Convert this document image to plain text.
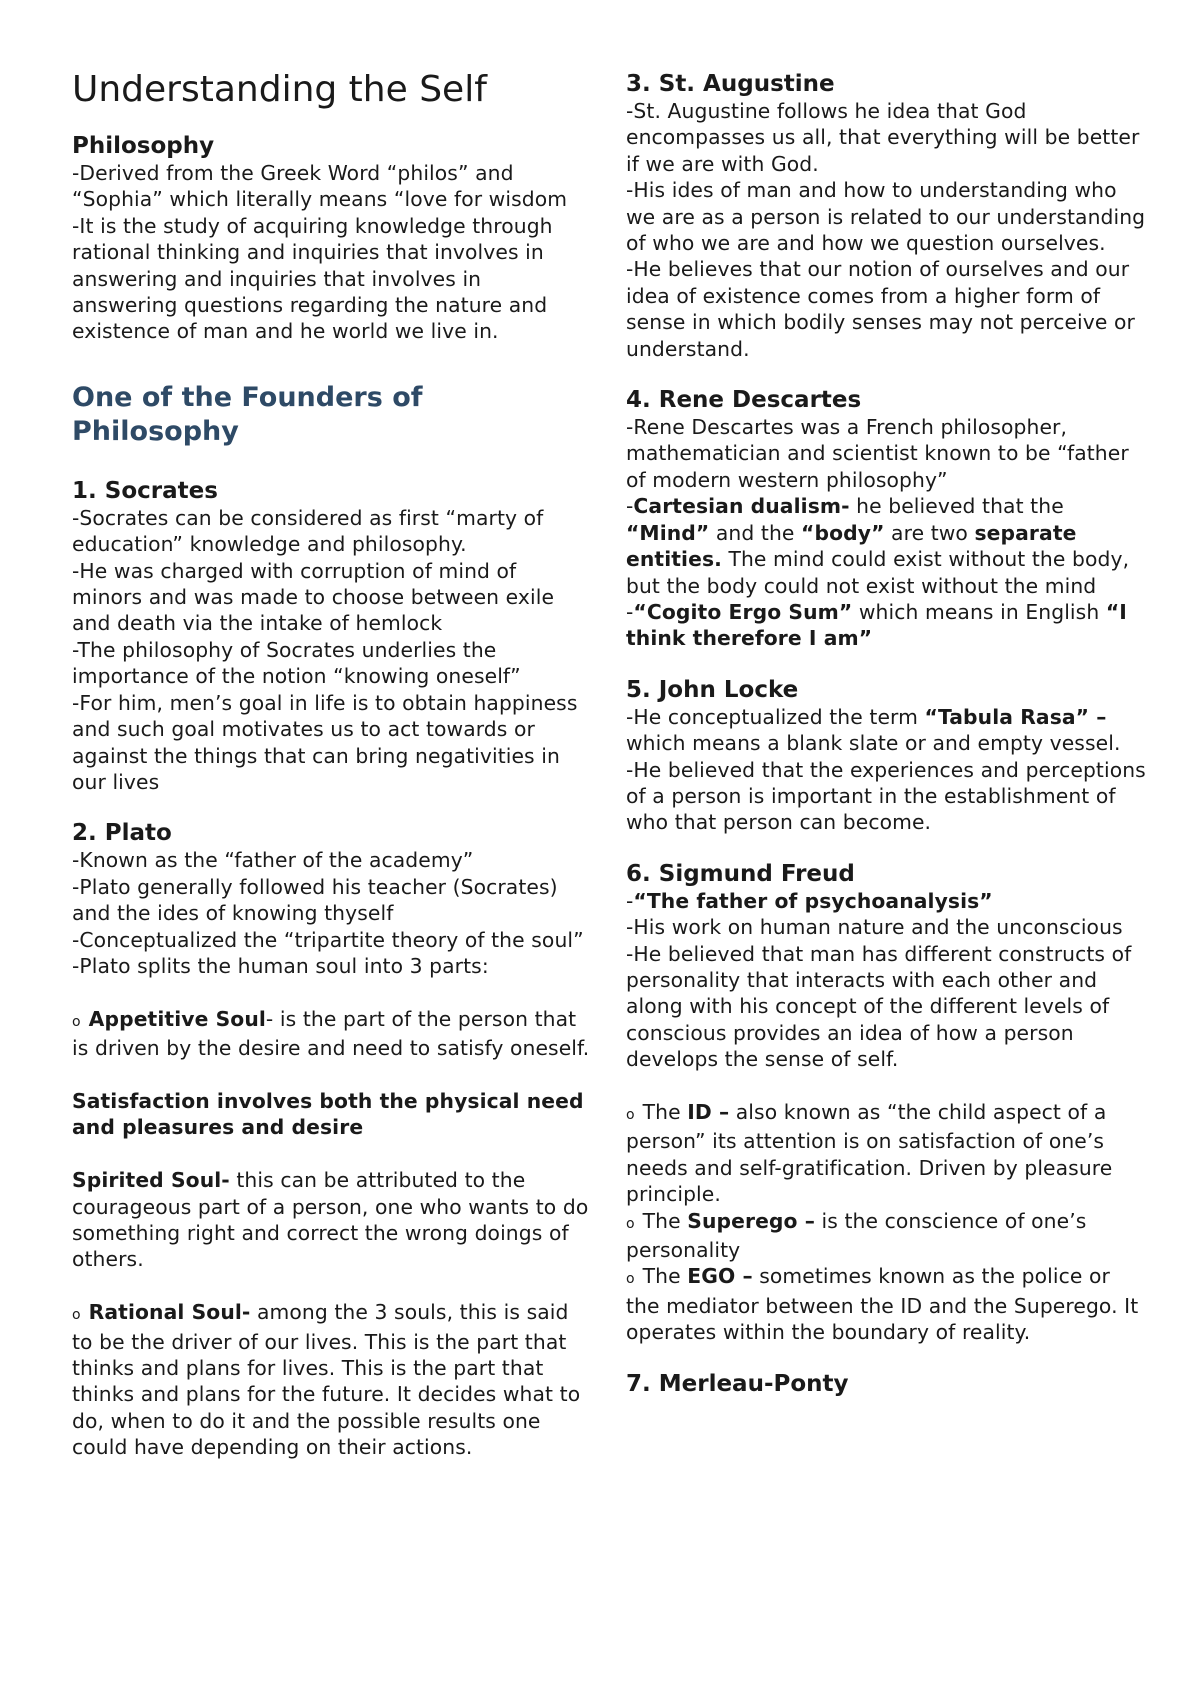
Understanding the Self
Philosophy
-Derived from the Greek Word “philos” and “Sophia” which literally means “love for wisdom
-It is the study of acquiring knowledge through rational thinking and inquiries that involves in answering and inquiries that involves in answering questions regarding the nature and existence of man and he world we live in.
One of the Founders of Philosophy
1. Socrates
-Socrates can be considered as first “marty of education” knowledge and philosophy.
-He was charged with corruption of mind of minors and was made to choose between exile and death via the intake of hemlock
-The philosophy of Socrates underlies the importance of the notion “knowing oneself”
-For him, men’s goal in life is to obtain happiness and such goal motivates us to act towards or against the things that can bring negativities in our lives
2. Plato
-Known as the “father of the academy”
-Plato generally followed his teacher (Socrates) and the ides of knowing thyself
-Conceptualized the “tripartite theory of the soul”
-Plato splits the human soul into 3 parts:
o Appetitive Soul- is the part of the person that is driven by the desire and need to satisfy oneself.
Satisfaction involves both the physical need and pleasures and desire
Spirited Soul- this can be attributed to the courageous part of a person, one who wants to do something right and correct the wrong doings of others.
o Rational Soul- among the 3 souls, this is said to be the driver of our lives. This is the part that thinks and plans for lives. This is the part that thinks and plans for the future. It decides what to do, when to do it and the possible results one
could have depending on their actions.
3. St. Augustine
-St. Augustine follows he idea that God encompasses us all, that everything will be better if we are with God.
-His ides of man and how to understanding who we are as a person is related to our understanding of who we are and how we question ourselves.
-He believes that our notion of ourselves and our idea of existence comes from a higher form of sense in which bodily senses may not perceive or understand.
4. Rene Descartes
-Rene Descartes was a French philosopher, mathematician and scientist known to be “father of modern western philosophy”
-Cartesian dualism- he believed that the “Mind” and the “body” are two separate entities. The mind could exist without the body, but the body could not exist without the mind
-“Cogito Ergo Sum” which means in English “I think therefore I am”
5. John Locke
-He conceptualized the term “Tabula Rasa” – which means a blank slate or and empty vessel.
-He believed that the experiences and perceptions of a person is important in the establishment of who that person can become.
6. Sigmund Freud
-“The father of psychoanalysis”
-His work on human nature and the unconscious
-He believed that man has different constructs of personality that interacts with each other and along with his concept of the different levels of
conscious provides an idea of how a person develops the sense of self.
o The ID – also known as “the child aspect of a person” its attention is on satisfaction of one’s needs and self-gratification. Driven by pleasure principle.
o The Superego – is the conscience of one’s personality
o The EGO – sometimes known as the police or the mediator between the ID and the Superego. It operates within the boundary of reality.
7. Merleau-Ponty
